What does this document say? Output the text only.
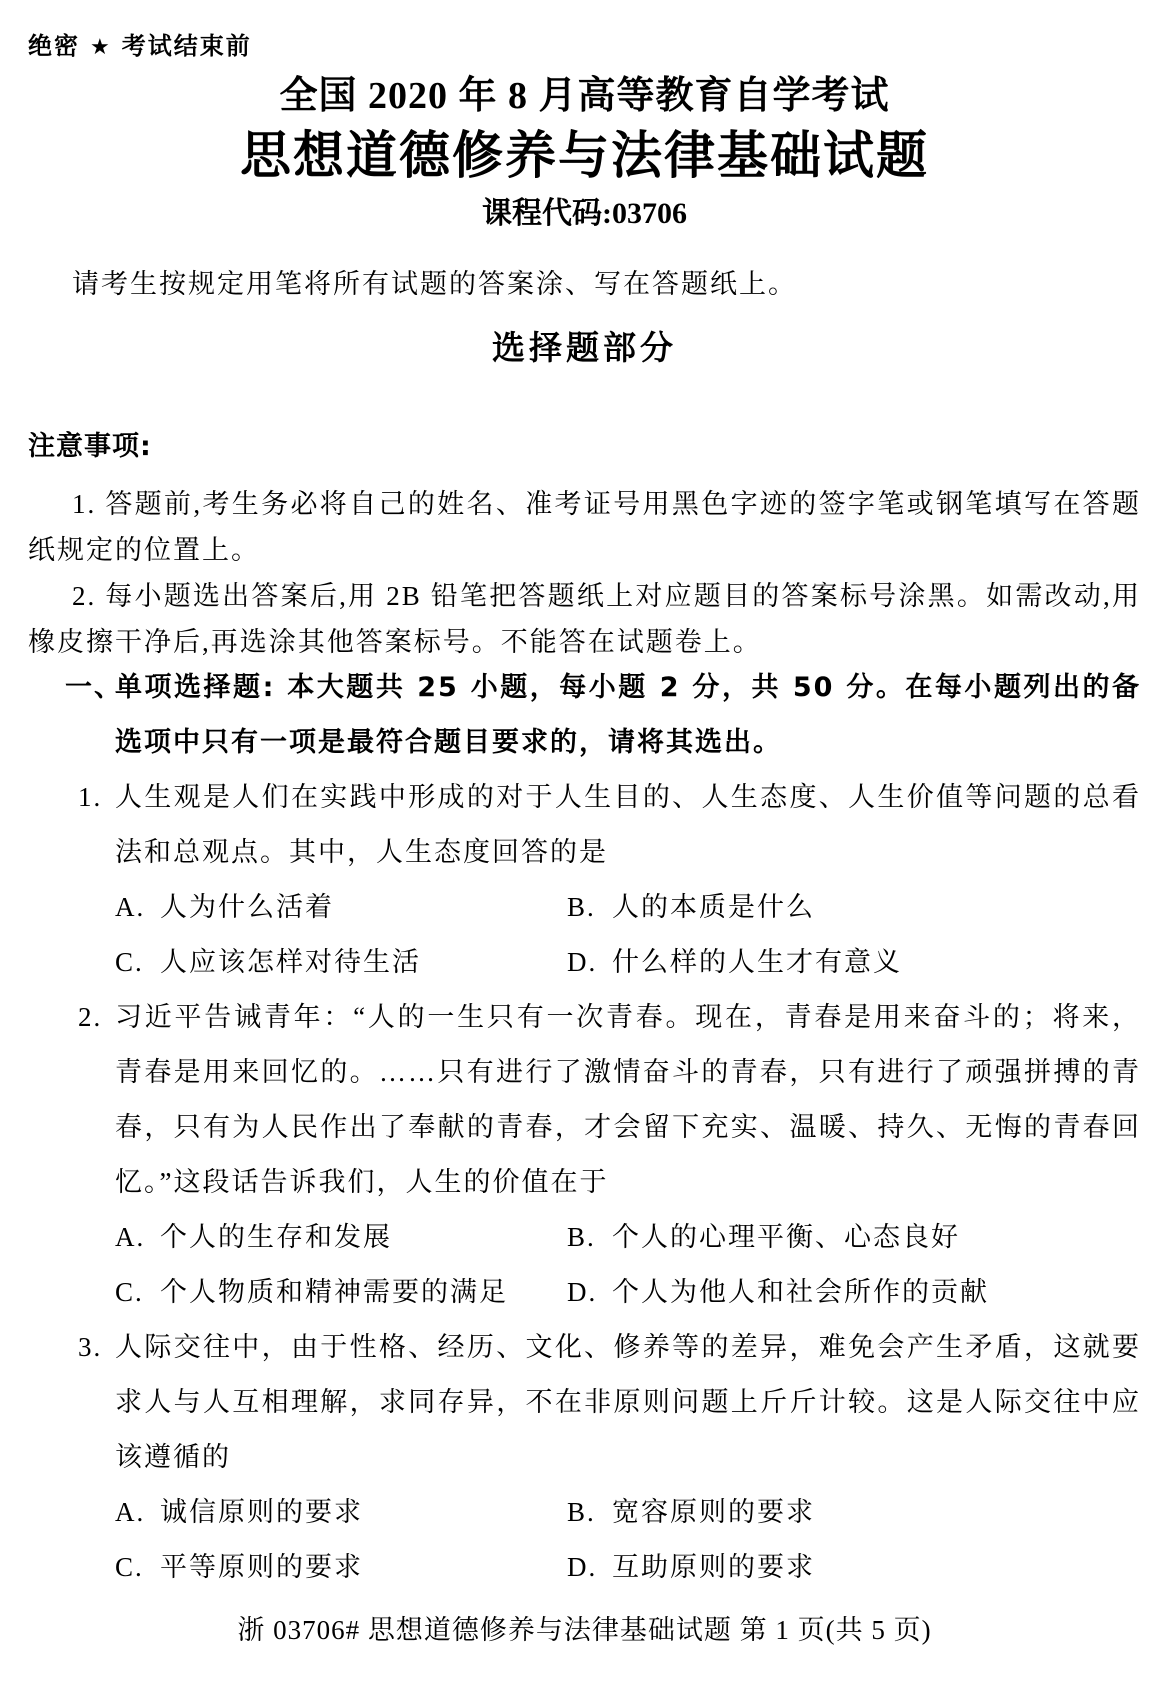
绝密 ★ 考试结束前
全国 2020 年 8 月高等教育自学考试
思想道德修养与法律基础试题
课程代码:03706

请考生按规定用笔将所有试题的答案涂、写在答题纸上。

选择题部分
注意事项:

1. 答题前,考生务必将自己的姓名、准考证号用黑色字迹的签字笔或钢笔填写在答题纸规定的位置上。

2. 每小题选出答案后,用 2B 铅笔把答题纸上对应题目的答案标号涂黑。如需改动,用橡皮擦干净后,再选涂其他答案标号。不能答在试题卷上。

一、
单项选择题: 本大题共 25 小题，每小题 2 分，共 50 分。在每小题列出的备选项中只有一项是最符合题目要求的，请将其选出。
1. 人生观是人们在实践中形成的对于人生目的、人生态度、人生价值等问题的总看法和总观点。其中，人生态度回答的是
A. 人为什么活着	B. 人的本质是什么
C. 人应该怎样对待生活	D. 什么样的人生才有意义
2. 习近平告诫青年：“人的一生只有一次青春。现在，青春是用来奋斗的；将来，青春是用来回忆的。……只有进行了激情奋斗的青春，只有进行了顽强拼搏的青春，只有为人民作出了奉献的青春，才会留下充实、温暖、持久、无悔的青春回忆。”这段话告诉我们，人生的价值在于
A. 个人的生存和发展	B. 个人的心理平衡、心态良好
C. 个人物质和精神需要的满足	D. 个人为他人和社会所作的贡献
3. 人际交往中，由于性格、经历、文化、修养等的差异，难免会产生矛盾，这就要求人与人互相理解，求同存异，不在非原则问题上斤斤计较。这是人际交往中应该遵循的
A. 诚信原则的要求	B. 宽容原则的要求
C. 平等原则的要求	D. 互助原则的要求
浙 03706# 思想道德修养与法律基础试题 第 1 页(共 5 页)
